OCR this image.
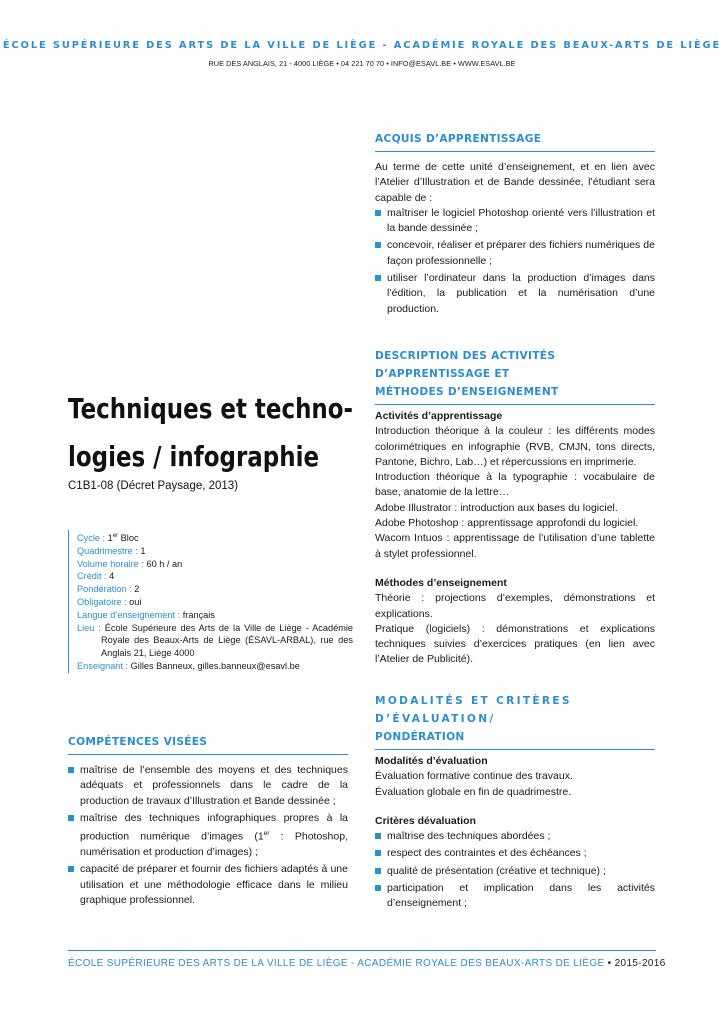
ÉCOLE SUPÉRIEURE DES ARTS DE LA VILLE DE LIÈGE - ACADÉMIE ROYALE DES BEAUX-ARTS DE LIÈGE
RUE DES ANGLAIS, 21 - 4000 LIÈGE • 04 221 70 70 • INFO@ESAVL.BE • WWW.ESAVL.BE
ACQUIS D’APPRENTISSAGE
Au terme de cette unité d’enseignement, et en lien avec l’Atelier d’Illustration et de Bande dessinée, l’étudiant sera capable de :
maîtriser le logiciel Photoshop orienté vers l’illustration et la bande dessinée ;
concevoir, réaliser et préparer des fichiers numériques de façon professionnelle ;
utiliser l’ordinateur dans la production d’images dans l’édition, la publication et la numérisation d’une production.
DESCRIPTION DES ACTIVITÉS D’APPRENTISSAGE ET
MÉTHODES D’ENSEIGNEMENT
Activités d’apprentissage
Introduction théorique à la couleur : les différents modes colorimétriques en infographie (RVB, CMJN, tons directs, Pantone, Bichro, Lab…) et répercussions en imprimerie.
Introduction théorique à la typographie : vocabulaire de base, anatomie de la lettre…
Adobe Illustrator : introduction aux bases du logiciel.
Adobe Photoshop : apprentissage approfondi du logiciel.
Wacom Intuos : apprentissage de l’utilisation d’une tablette à stylet professionnel.
Méthodes d’enseignement
Théorie : projections d’exemples, démonstrations et explications.
Pratique (logiciels) : démonstrations et explications techniques suivies d’exercices pratiques (en lien avec l’Atelier de Publicité).
MODALITÉS ET CRITÈRES D’ÉVALUATION/
PONDÉRATION
Modalités d’évaluation
Évaluation formative continue des travaux.
Évaluation globale en fin de quadrimestre.
Critères dévaluation
maîtrise des techniques abordées ;
respect des contraintes et des échéances ;
qualité de présentation (créative et technique) ;
participation et implication dans les activités d’enseignement ;
Techniques et techno-
logies / infographie
C1B1-08 (Décret Paysage, 2013)
Cycle : 1er Bloc
Quadrimestre : 1
Volume horaire : 60 h / an
Crédit : 4
Pondération : 2
Obligatoire : oui
Langue d’enseignement : français
Lieu : École Supérieure des Arts de la Ville de Liège - Académie Royale des Beaux-Arts de Liège (ÉSAVL-ARBAL), rue des Anglais 21, Liège 4000
Enseignant : Gilles Banneux, gilles.banneux@esavl.be
COMPÉTENCES VISÉES
maîtrise de l’ensemble des moyens et des techniques adéquats et professionnels dans le cadre de la production de travaux d’Illustration et Bande dessinée ;
maîtrise des techniques infographiques propres à la production numérique d’images (1er : Photoshop, numérisation et production d’images) ;
capacité de préparer et fournir des fichiers adaptés à une utilisation et une méthodologie efficace dans le milieu graphique professionnel.
ÉCOLE SUPÉRIEURE DES ARTS DE LA VILLE DE LIÈGE - ACADÉMIE ROYALE DES BEAUX-ARTS DE LIÈGE • 2015-2016
